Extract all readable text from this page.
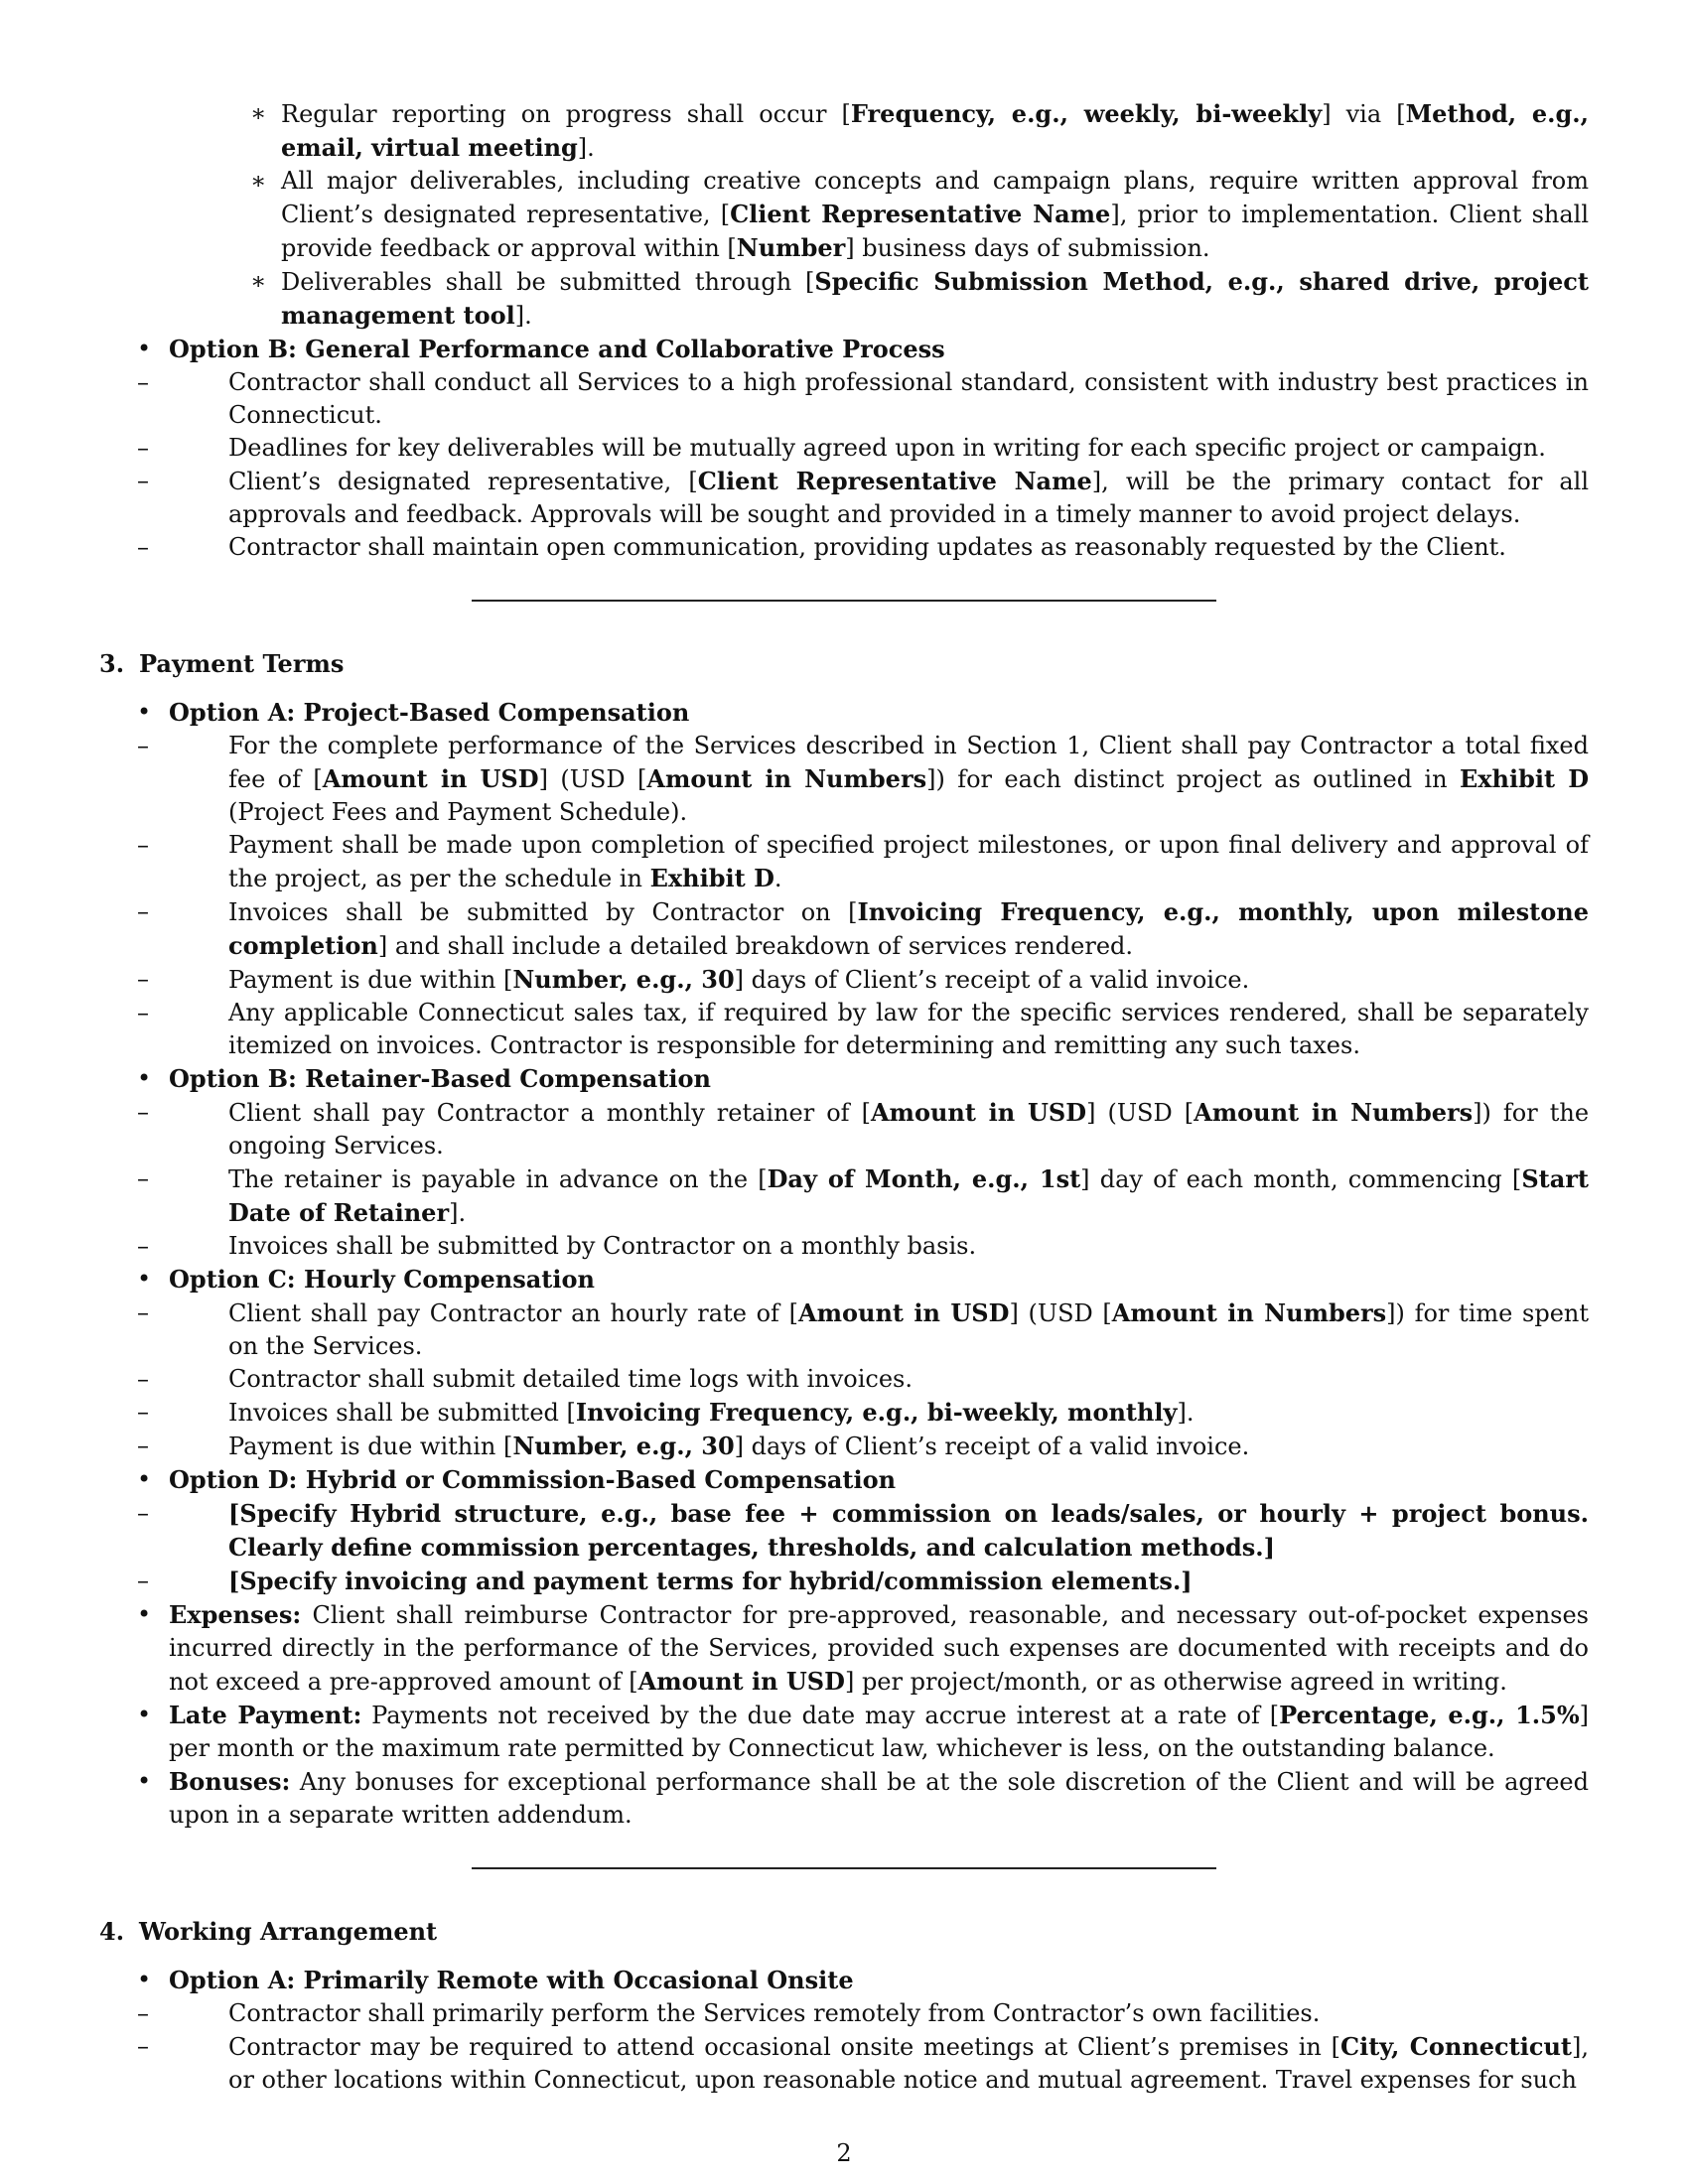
∗ Regular reporting on progress shall occur [Frequency, e.g., weekly, bi-weekly] via [Method, e.g., email, virtual meeting].
∗ All major deliverables, including creative concepts and campaign plans, require written approval from Client’s designated representative, [Client Representative Name], prior to implementation. Client shall provide feedback or approval within [Number] business days of submission.
∗ Deliverables shall be submitted through [Specific Submission Method, e.g., shared drive, project management tool].
• Option B: General Performance and Collaborative Process
–	Contractor shall conduct all Services to a high professional standard, consistent with industry best practices in Connecticut.
–	Deadlines for key deliverables will be mutually agreed upon in writing for each specific project or campaign.
–	Client’s designated representative, [Client Representative Name], will be the primary contact for all approvals and feedback. Approvals will be sought and provided in a timely manner to avoid project delays.
–	Contractor shall maintain open communication, providing updates as reasonably requested by the Client.
3. Payment Terms
• Option A: Project-Based Compensation
–	For the complete performance of the Services described in Section 1, Client shall pay Contractor a total fixed fee of [Amount in USD] (USD [Amount in Numbers]) for each distinct project as outlined in Exhibit D (Project Fees and Payment Schedule).
–	Payment shall be made upon completion of specified project milestones, or upon final delivery and approval of the project, as per the schedule in Exhibit D.
–	Invoices shall be submitted by Contractor on [Invoicing Frequency, e.g., monthly, upon milestone completion] and shall include a detailed breakdown of services rendered.
–	Payment is due within [Number, e.g., 30] days of Client’s receipt of a valid invoice.
–	Any applicable Connecticut sales tax, if required by law for the specific services rendered, shall be separately itemized on invoices. Contractor is responsible for determining and remitting any such taxes.
• Option B: Retainer-Based Compensation
–	Client shall pay Contractor a monthly retainer of [Amount in USD] (USD [Amount in Numbers]) for the ongoing Services.
–	The retainer is payable in advance on the [Day of Month, e.g., 1st] day of each month, commencing [Start Date of Retainer].
–	Invoices shall be submitted by Contractor on a monthly basis.
• Option C: Hourly Compensation
–	Client shall pay Contractor an hourly rate of [Amount in USD] (USD [Amount in Numbers]) for time spent on the Services.
–	Contractor shall submit detailed time logs with invoices.
–	Invoices shall be submitted [Invoicing Frequency, e.g., bi-weekly, monthly].
–	Payment is due within [Number, e.g., 30] days of Client’s receipt of a valid invoice.
• Option D: Hybrid or Commission-Based Compensation
–	[Specify Hybrid structure, e.g., base fee + commission on leads/sales, or hourly + project bonus. Clearly define commission percentages, thresholds, and calculation methods.]
–	[Specify invoicing and payment terms for hybrid/commission elements.]
• Expenses: Client shall reimburse Contractor for pre-approved, reasonable, and necessary out-of-pocket expenses incurred directly in the performance of the Services, provided such expenses are documented with receipts and do not exceed a pre-approved amount of [Amount in USD] per project/month, or as otherwise agreed in writing.
• Late Payment: Payments not received by the due date may accrue interest at a rate of [Percentage, e.g., 1.5%] per month or the maximum rate permitted by Connecticut law, whichever is less, on the outstanding balance.
• Bonuses: Any bonuses for exceptional performance shall be at the sole discretion of the Client and will be agreed upon in a separate written addendum.
4. Working Arrangement
• Option A: Primarily Remote with Occasional Onsite
–	Contractor shall primarily perform the Services remotely from Contractor’s own facilities.
–	Contractor may be required to attend occasional onsite meetings at Client’s premises in [City, Connecticut], or other locations within Connecticut, upon reasonable notice and mutual agreement. Travel expenses for such
2
